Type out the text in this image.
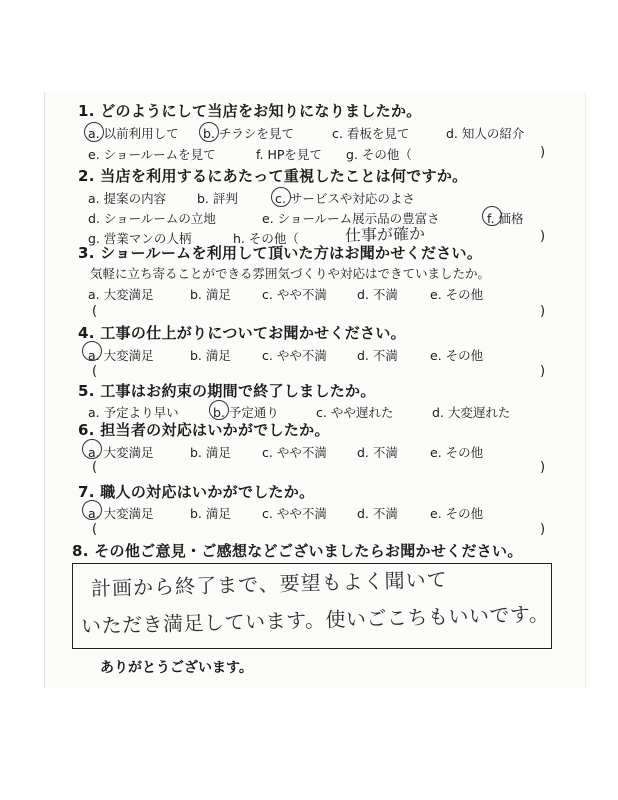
1. どのようにして当店をお知りになりましたか。
a. 以前利用して b. チラシを見て	c. 看板を見て	d. 知人の紹介
e. ショールームを見て	f. HPを見て g. その他（	)
2. 当店を利用するにあたって重視したことは何ですか。
a. 提案の内容 b. 評判	c. サービスや対応のよさ
d. ショールームの立地	e. ショールーム展示品の豊富さ	f. 価格
g. 営業マンの人柄	h. その他（	仕事が確か	)
3. ショールームを利用して頂いた方はお聞かせください。
気軽に立ち寄ることができる雰囲気づくりや対応はできていましたか。
a. 大変満足	b. 満足 c. やや不満 d. 不満	e. その他
(	)
4. 工事の仕上がりについてお聞かせください。
a. 大変満足	b. 満足 c. やや不満 d. 不満	e. その他
(	)
5. 工事はお約束の期間で終了しましたか。
a. 予定より早い	b. 予定通り	c. やや遅れた	d. 大変遅れた
6. 担当者の対応はいかがでしたか。
a. 大変満足	b. 満足 c. やや不満 d. 不満	e. その他
(	)
7. 職人の対応はいかがでしたか。
a. 大変満足	b. 満足 c. やや不満 d. 不満	e. その他
(	)
8. その他ご意見・ご感想などございましたらお聞かせください。
計画から終了まで、要望もよく聞いて
いただき満足しています。使いごこちもいいです。
ありがとうございます。
